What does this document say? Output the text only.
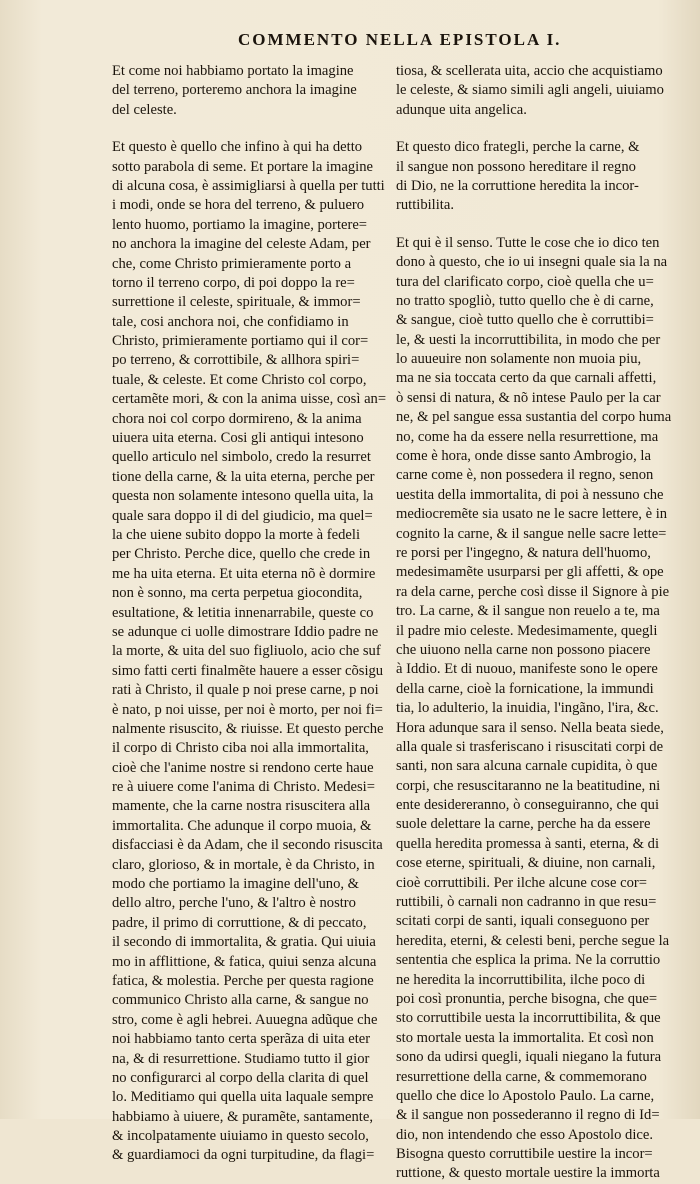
COMMENTO NELLA EPISTOLA I.
Et come noi habbiamo portato la imagine
del terreno, porteremo anchora la imagine
del celeste.
Et questo è quello che infino à qui ha detto
sotto parabola di seme. Et portare la imagine
di alcuna cosa, è assimigliarsi à quella per tutti
i modi, onde se hora del terreno, & puluero
lento huomo, portiamo la imagine, portere=
no anchora la imagine del celeste Adam, per
che, come Christo primieramente porto a
torno il terreno corpo, di poi doppo la re=
surrettione il celeste, spirituale, & immor=
tale, cosi anchora noi, che confidiamo in
Christo, primieramente portiamo qui il cor=
po terreno, & corrottibile, & allhora spiri=
tuale, & celeste. Et come Christo col corpo,
certamẽte mori, & con la anima uisse, così an=
chora noi col corpo dormireno, & la anima
uiuera uita eterna. Cosi gli antiqui intesono
quello articulo nel simbolo, credo la resurret
tione della carne, & la uita eterna, perche per
questa non solamente intesono quella uita, la
quale sara doppo il di del giudicio, ma quel=
la che uiene subito doppo la morte à fedeli
per Christo. Perche dice, quello che crede in
me ha uita eterna. Et uita eterna nõ è dormire
non è sonno, ma certa perpetua giocondita,
esultatione, & letitia innenarrabile, queste co
se adunque ci uolle dimostrare Iddio padre ne
la morte, & uita del suo figliuolo, acio che suf
simo fatti certi finalmẽte hauere a esser cõsigu
rati à Christo, il quale p noi prese carne, p noi
è nato, p noi uisse, per noi è morto, per noi fi=
nalmente risuscito, & riuisse. Et questo perche
il corpo di Christo ciba noi alla immortalita,
cioè che l'anime nostre si rendono certe haue
re à uiuere come l'anima di Christo. Medesi=
mamente, che la carne nostra risuscitera alla
immortalita. Che adunque il corpo muoia, &
disfacciasi è da Adam, che il secondo risuscita
claro, glorioso, & in mortale, è da Christo, in
modo che portiamo la imagine dell'uno, &
dello altro, perche l'uno, & l'altro è nostro
padre, il primo di corruttione, & di peccato,
il secondo di immortalita, & gratia. Qui uiuia
mo in afflittione, & fatica, quiui senza alcuna
fatica, & molestia. Perche per questa ragione
communico Christo alla carne, & sangue no
stro, come è agli hebrei. Auuegna adũque che
noi habbiamo tanto certa sperãza di uita eter
na, & di resurrettione. Studiamo tutto il gior
no configurarci al corpo della clarita di quel
lo. Meditiamo qui quella uita laquale sempre
habbiamo à uiuere, & puramẽte, santamente,
& incolpatamente uiuiamo in questo secolo,
& guardiamoci da ogni turpitudine, da flagi=
tiosa, & scellerata uita, accio che acquistiamo
le celeste, & siamo simili agli angeli, uiuiamo
adunque uita angelica.
Et questo dico frategli, perche la carne, &
il sangue non possono hereditare il regno
di Dio, ne la corruttione heredita la incor-
ruttibilita.
Et qui è il senso. Tutte le cose che io dico ten
dono à questo, che io ui insegni quale sia la na
tura del clarificato corpo, cioè quella che u=
no tratto spogliò, tutto quello che è di carne,
& sangue, cioè tutto quello che è corruttibi=
le, & uesti la incorruttibilita, in modo che per
lo auueuire non solamente non muoia piu,
ma ne sia toccata certo da que carnali affetti,
ò sensi di natura, & nõ intese Paulo per la car
ne, & pel sangue essa sustantia del corpo huma
no, come ha da essere nella resurrettione, ma
come è hora, onde disse santo Ambrogio, la
carne come è, non possedera il regno, senon
uestita della immortalita, di poi à nessuno che
mediocremẽte sia usato ne le sacre lettere, è in
cognito la carne, & il sangue nelle sacre lette=
re porsi per l'ingegno, & natura dell'huomo,
medesimamẽte usurparsi per gli affetti, & ope
ra dela carne, perche così disse il Signore à pie
tro. La carne, & il sangue non reuelo a te, ma
il padre mio celeste. Medesimamente, quegli
che uiuono nella carne non possono piacere
à Iddio. Et di nuouo, manifeste sono le opere
della carne, cioè la fornicatione, la immundi
tia, lo adulterio, la inuidia, l'ingãno, l'ira, &c.
Hora adunque sara il senso. Nella beata siede,
alla quale si trasferiscano i risuscitati corpi de
santi, non sara alcuna carnale cupidita, ò que
corpi, che resuscitaranno ne la beatitudine, ni
ente desidereranno, ò conseguiranno, che qui
suole delettare la carne, perche ha da essere
quella heredita promessa à santi, eterna, & di
cose eterne, spirituali, & diuine, non carnali,
cioè corruttibili. Per ilche alcune cose cor=
ruttibili, ò carnali non cadranno in que resu=
scitati corpi de santi, iquali conseguono per
heredita, eterni, & celesti beni, perche segue la
sententia che esplica la prima. Ne la corruttio
ne heredita la incorruttibilita, ilche poco di
poi così pronuntia, perche bisogna, che que=
sto corruttibile uesta la incorruttibilita, & que
sto mortale uesta la immortalita. Et così non
sono da udirsi quegli, iquali niegano la futura
resurrettione della carne, & commemorano
quello che dice lo Apostolo Paulo. La carne,
& il sangue non possederanno il regno di Id=
dio, non intendendo che esso Apostolo dice.
Bisogna questo corruttibile uestire la incor=
ruttione, & questo mortale uestire la immorta
